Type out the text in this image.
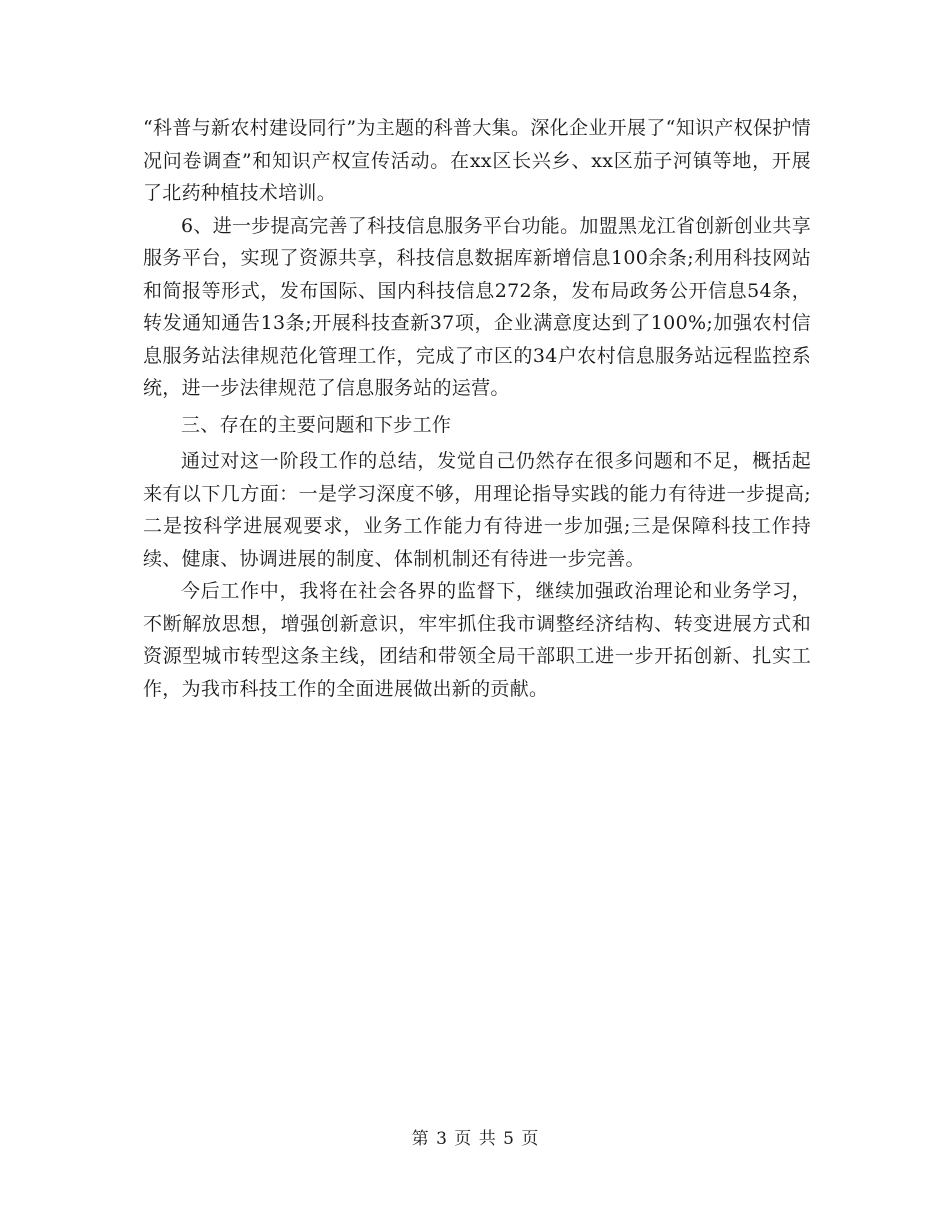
“科普与新农村建设同行”为主题的科普大集。深化企业开展了“知识产权保护情况问卷调查”和知识产权宣传活动。在xx区长兴乡、xx区茄子河镇等地，开展了北药种植技术培训。

6、进一步提高完善了科技信息服务平台功能。加盟黑龙江省创新创业共享服务平台，实现了资源共享，科技信息数据库新增信息100余条;利用科技网站和简报等形式，发布国际、国内科技信息272条，发布局政务公开信息54条，转发通知通告13条;开展科技查新37项，企业满意度达到了100%;加强农村信息服务站法律规范化管理工作，完成了市区的34户农村信息服务站远程监控系统，进一步法律规范了信息服务站的运营。

三、存在的主要问题和下步工作

通过对这一阶段工作的总结，发觉自己仍然存在很多问题和不足，概括起来有以下几方面：一是学习深度不够，用理论指导实践的能力有待进一步提高;二是按科学进展观要求，业务工作能力有待进一步加强;三是保障科技工作持续、健康、协调进展的制度、体制机制还有待进一步完善。

今后工作中，我将在社会各界的监督下，继续加强政治理论和业务学习，不断解放思想，增强创新意识，牢牢抓住我市调整经济结构、转变进展方式和资源型城市转型这条主线，团结和带领全局干部职工进一步开拓创新、扎实工作，为我市科技工作的全面进展做出新的贡献。

第 3 页 共 5 页
